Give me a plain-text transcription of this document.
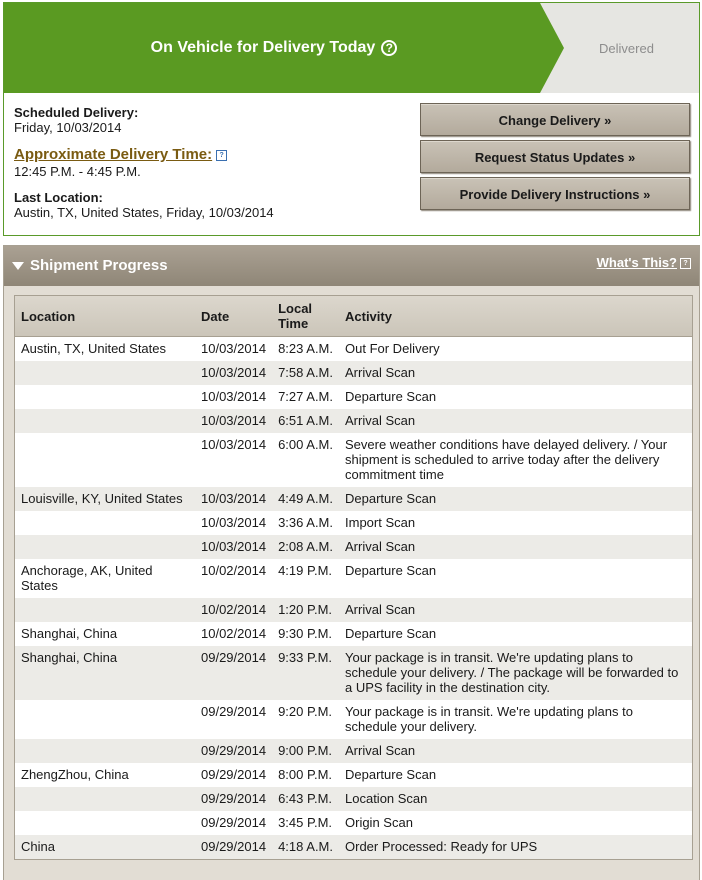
On Vehicle for Delivery Today ?	Delivered
Scheduled Delivery:
Friday, 10/03/2014
Approximate Delivery Time: ?
12:45 P.M. - 4:45 P.M.
Last Location:
Austin, TX, United States, Friday, 10/03/2014
Change Delivery »
Request Status Updates »
Provide Delivery Instructions »
Shipment Progress	What's This? ?
Location	Date	Local Time	Activity
Austin, TX, United States	10/03/2014	8:23 A.M.	Out For Delivery
	10/03/2014	7:58 A.M.	Arrival Scan
	10/03/2014	7:27 A.M.	Departure Scan
	10/03/2014	6:51 A.M.	Arrival Scan
	10/03/2014	6:00 A.M.	Severe weather conditions have delayed delivery. / Your shipment is scheduled to arrive today after the delivery commitment time
Louisville, KY, United States	10/03/2014	4:49 A.M.	Departure Scan
	10/03/2014	3:36 A.M.	Import Scan
	10/03/2014	2:08 A.M.	Arrival Scan
Anchorage, AK, United States	10/02/2014	4:19 P.M.	Departure Scan
	10/02/2014	1:20 P.M.	Arrival Scan
Shanghai, China	10/02/2014	9:30 P.M.	Departure Scan
Shanghai, China	09/29/2014	9:33 P.M.	Your package is in transit. We're updating plans to schedule your delivery. / The package will be forwarded to a UPS facility in the destination city.
	09/29/2014	9:20 P.M.	Your package is in transit. We're updating plans to schedule your delivery.
	09/29/2014	9:00 P.M.	Arrival Scan
ZhengZhou, China	09/29/2014	8:00 P.M.	Departure Scan
	09/29/2014	6:43 P.M.	Location Scan
	09/29/2014	3:45 P.M.	Origin Scan
China	09/29/2014	4:18 A.M.	Order Processed: Ready for UPS
